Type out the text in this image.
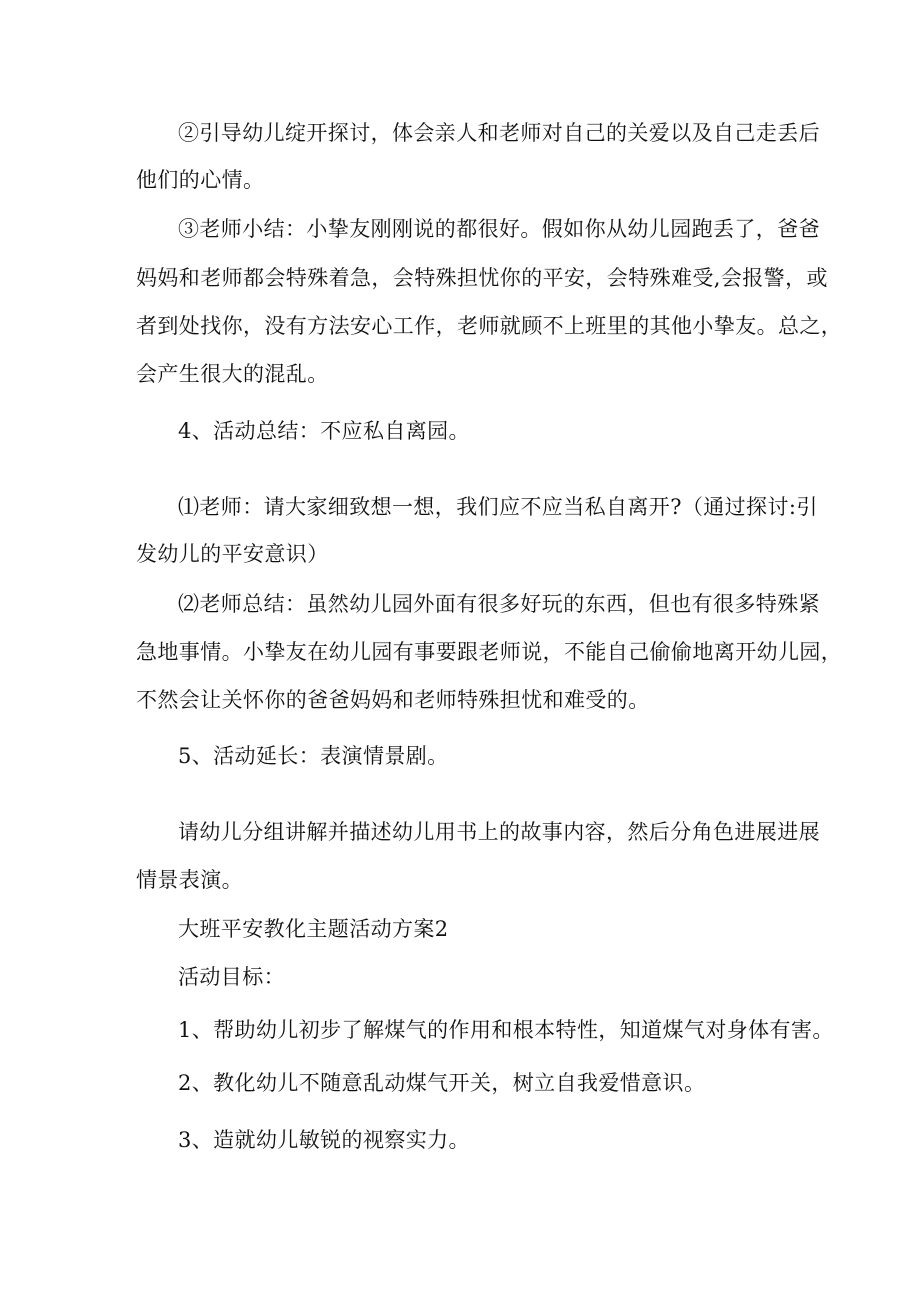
②引导幼儿绽开探讨，体会亲人和老师对自己的关爱以及自己走丢后
他们的心情。
③老师小结：小挚友刚刚说的都很好。假如你从幼儿园跑丢了，爸爸
妈妈和老师都会特殊着急，会特殊担忧你的平安，会特殊难受,会报警，或
者到处找你，没有方法安心工作，老师就顾不上班里的其他小挚友。总之，
会产生很大的混乱。
4、活动总结：不应私自离园。
⑴老师：请大家细致想一想，我们应不应当私自离开?（通过探讨:引
发幼儿的平安意识）
⑵老师总结：虽然幼儿园外面有很多好玩的东西，但也有很多特殊紧
急地事情。小挚友在幼儿园有事要跟老师说，不能自己偷偷地离开幼儿园，
不然会让关怀你的爸爸妈妈和老师特殊担忧和难受的。
5、活动延长：表演情景剧。
请幼儿分组讲解并描述幼儿用书上的故事内容，然后分角色进展进展
情景表演。
大班平安教化主题活动方案2
活动目标：
1、帮助幼儿初步了解煤气的作用和根本特性，知道煤气对身体有害。
2、教化幼儿不随意乱动煤气开关，树立自我爱惜意识。
3、造就幼儿敏锐的视察实力。
